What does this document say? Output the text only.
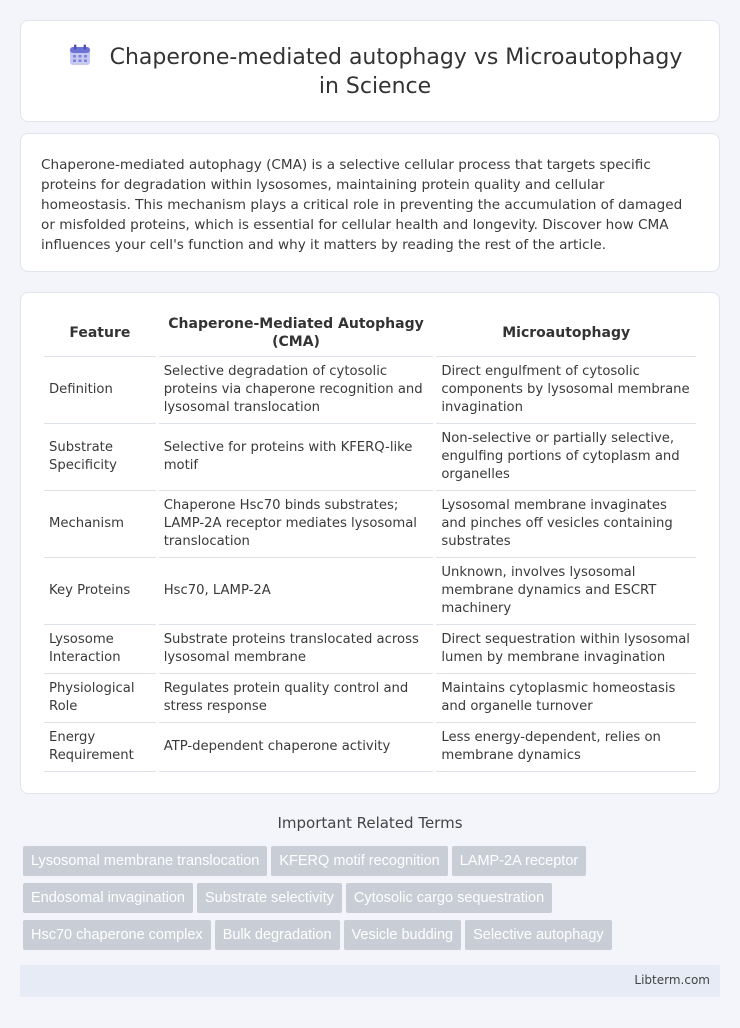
Chaperone-mediated autophagy vs Microautophagy in Science

Chaperone-mediated autophagy (CMA) is a selective cellular process that targets specific proteins for degradation within lysosomes, maintaining protein quality and cellular homeostasis. This mechanism plays a critical role in preventing the accumulation of damaged or misfolded proteins, which is essential for cellular health and longevity. Discover how CMA influences your cell's function and why it matters by reading the rest of the article.

Feature	Chaperone-Mediated Autophagy (CMA)	Microautophagy
Definition	Selective degradation of cytosolic proteins via chaperone recognition and lysosomal translocation	Direct engulfment of cytosolic components by lysosomal membrane invagination
Substrate Specificity	Selective for proteins with KFERQ-like motif	Non-selective or partially selective, engulfing portions of cytoplasm and organelles
Mechanism	Chaperone Hsc70 binds substrates; LAMP-2A receptor mediates lysosomal translocation	Lysosomal membrane invaginates and pinches off vesicles containing substrates
Key Proteins	Hsc70, LAMP-2A	Unknown, involves lysosomal membrane dynamics and ESCRT machinery
Lysosome Interaction	Substrate proteins translocated across lysosomal membrane	Direct sequestration within lysosomal lumen by membrane invagination
Physiological Role	Regulates protein quality control and stress response	Maintains cytoplasmic homeostasis and organelle turnover
Energy Requirement	ATP-dependent chaperone activity	Less energy-dependent, relies on membrane dynamics
Important Related Terms
Lysosomal membrane translocation KFERQ motif recognition LAMP-2A receptor
Endosomal invagination Substrate selectivity Cytosolic cargo sequestration
Hsc70 chaperone complex Bulk degradation Vesicle budding Selective autophagy
Libterm.com
